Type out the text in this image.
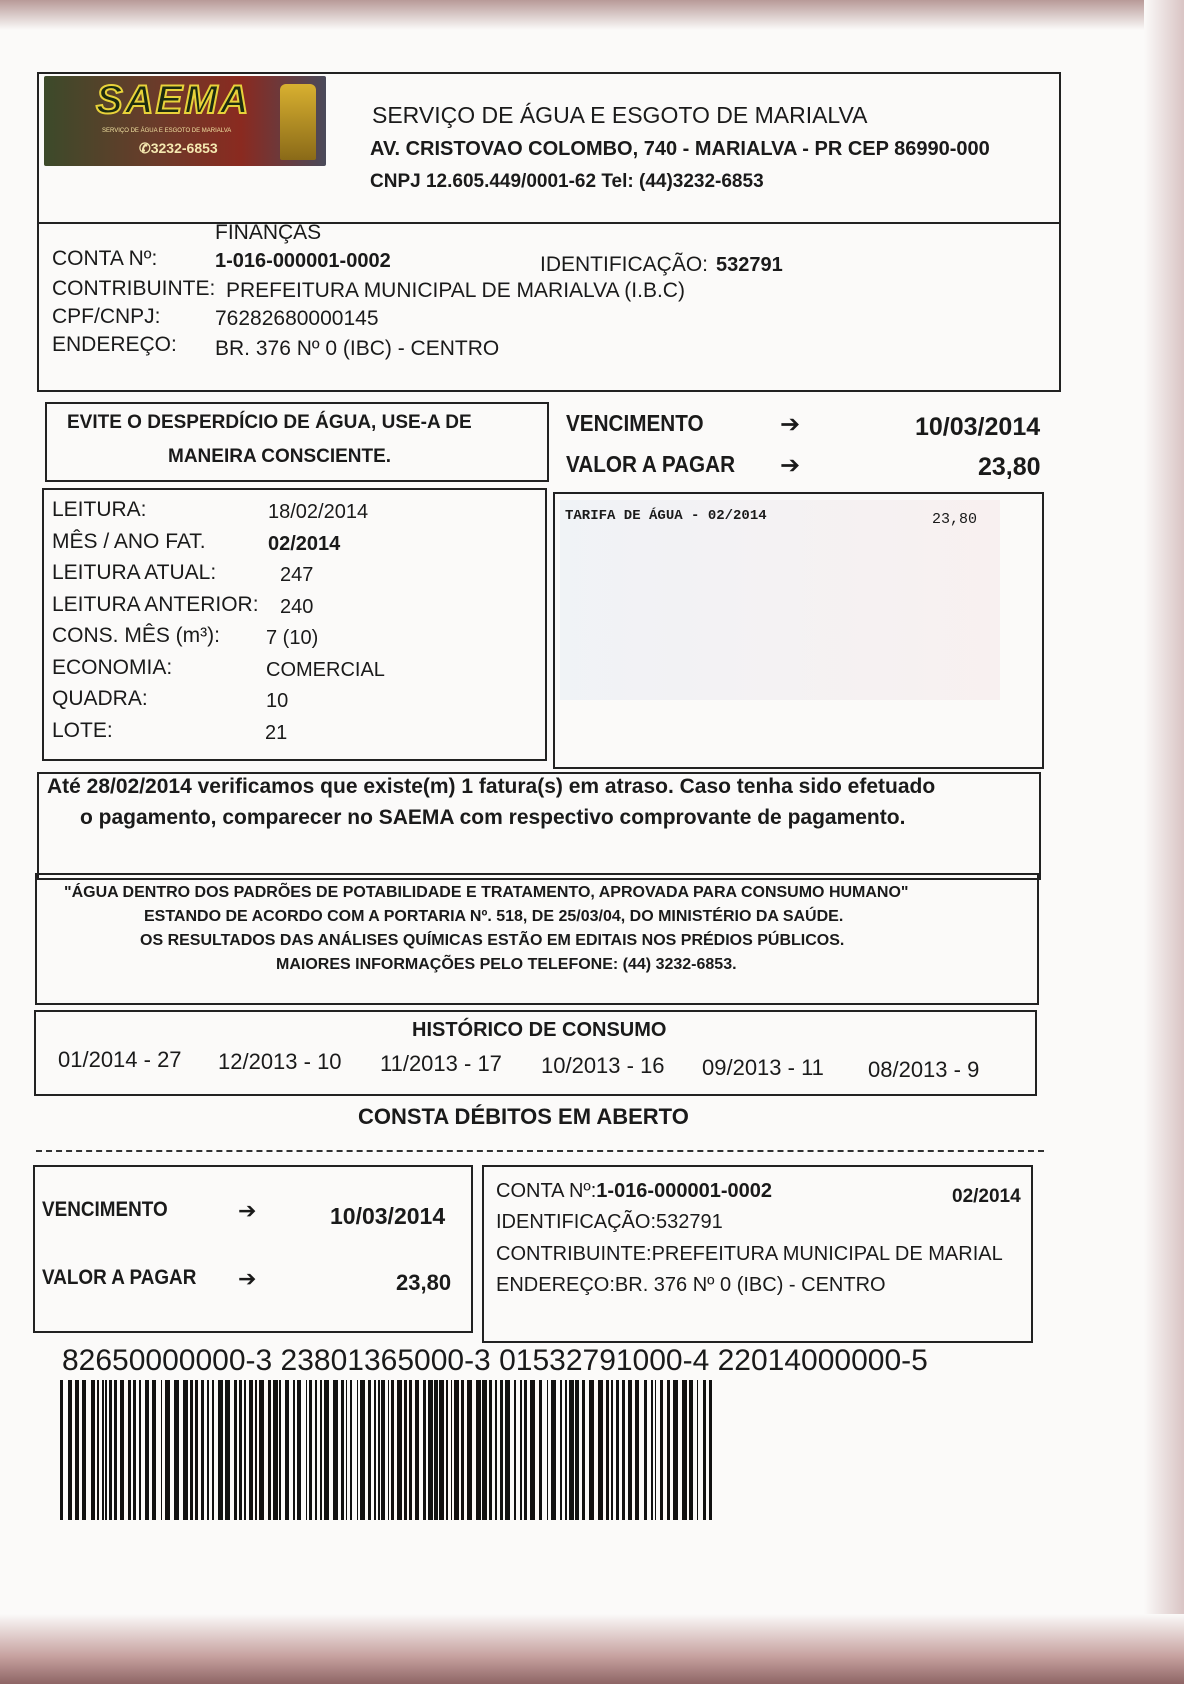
SAEMA
SERVIÇO DE ÁGUA E ESGOTO DE MARIALVA
✆3232-6853
SERVIÇO DE ÁGUA E ESGOTO DE MARIALVA
AV. CRISTOVAO COLOMBO, 740 - MARIALVA - PR CEP 86990-000
CNPJ 12.605.449/0001-62 Tel: (44)3232-6853
FINANÇAS
CONTA Nº:	1-016-000001-0002	IDENTIFICAÇÃO: 532791
CONTRIBUINTE: PREFEITURA MUNICIPAL DE MARIALVA (I.B.C)
CPF/CNPJ:	76282680000145
ENDEREÇO: BR. 376 Nº 0 (IBC) - CENTRO
EVITE O DESPERDÍCIO DE ÁGUA, USE-A DE
MANEIRA CONSCIENTE.
VENCIMENTO	➔	10/03/2014
VALOR A PAGAR ➔	23,80
LEITURA:	18/02/2014
MÊS / ANO FAT.	02/2014
LEITURA ATUAL:	247
LEITURA ANTERIOR: 240
CONS. MÊS (m³): 7 (10)
ECONOMIA:	COMERCIAL
QUADRA:	10
LOTE:	21
TARIFA DE ÁGUA - 02/2014	23,80
Até 28/02/2014 verificamos que existe(m) 1 fatura(s) em atraso. Caso tenha sido efetuado
o pagamento, comparecer no SAEMA com respectivo comprovante de pagamento.
"ÁGUA DENTRO DOS PADRÕES DE POTABILIDADE E TRATAMENTO, APROVADA PARA CONSUMO HUMANO"
ESTANDO DE ACORDO COM A PORTARIA Nº. 518, DE 25/03/04, DO MINISTÉRIO DA SAÚDE.
OS RESULTADOS DAS ANÁLISES QUÍMICAS ESTÃO EM EDITAIS NOS PRÉDIOS PÚBLICOS.
MAIORES INFORMAÇÕES PELO TELEFONE: (44) 3232-6853.
HISTÓRICO DE CONSUMO
01/2014 - 27 12/2013 - 10 11/2013 - 17 10/2013 - 16 09/2013 - 11 08/2013 - 9
CONSTA DÉBITOS EM ABERTO
VENCIMENTO	➔	10/03/2014
VALOR A PAGAR ➔	23,80
CONTA Nº:1-016-000001-0002	02/2014
IDENTIFICAÇÃO:532791
CONTRIBUINTE:PREFEITURA MUNICIPAL DE MARIAL
ENDEREÇO:BR. 376 Nº 0 (IBC) - CENTRO
82650000000-3 23801365000-3 01532791000-4 22014000000-5
